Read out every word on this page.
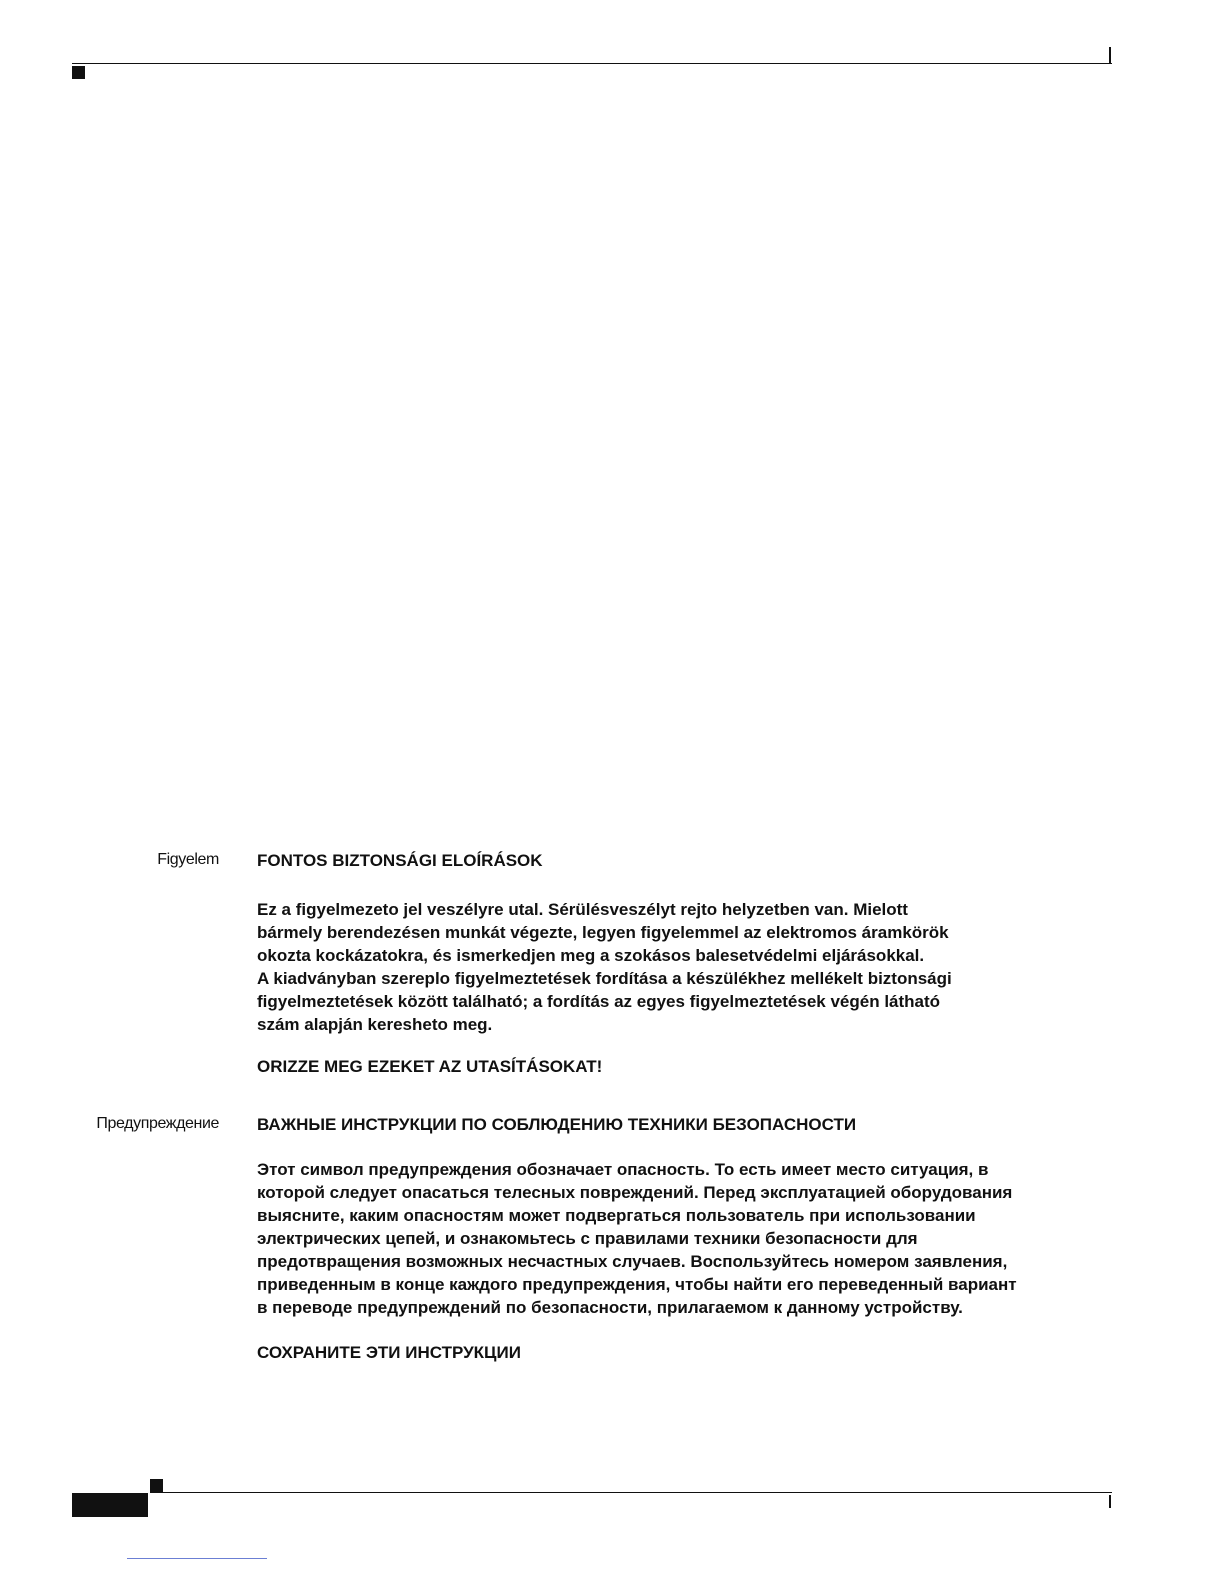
Figyelem FONTOS BIZTONSÁGI ELOÍRÁSOK

Ez a figyelmezeto jel veszélyre utal. Sérülésveszélyt rejto helyzetben van. Mielott

bármely berendezésen munkát végezte, legyen figyelemmel az elektromos áramkörök

okozta kockázatokra, és ismerkedjen meg a szokásos balesetvédelmi eljárásokkal.

A kiadványban szereplo figyelmeztetések fordítása a készülékhez mellékelt biztonsági

figyelmeztetések között található; a fordítás az egyes figyelmeztetések végén látható

szám alapján keresheto meg.

ORIZZE MEG EZEKET AZ UTASÍTÁSOKAT!

Предупреждение ВАЖНЫЕ ИНСТРУКЦИИ ПО СОБЛЮДЕНИЮ ТЕХНИКИ БЕЗОПАСНОСТИ

Этот символ предупреждения обозначает опасность. То есть имеет место ситуация, в

которой следует опасаться телесных повреждений. Перед эксплуатацией оборудования

выясните, каким опасностям может подвергаться пользователь при использовании

электрических цепей, и ознакомьтесь с правилами техники безопасности для

предотвращения возможных несчастных случаев. Воспользуйтесь номером заявления,

приведенным в конце каждого предупреждения, чтобы найти его переведенный вариант

в переводе предупреждений по безопасности, прилагаемом к данному устройству.

СОХРАНИТЕ ЭТИ ИНСТРУКЦИИ
